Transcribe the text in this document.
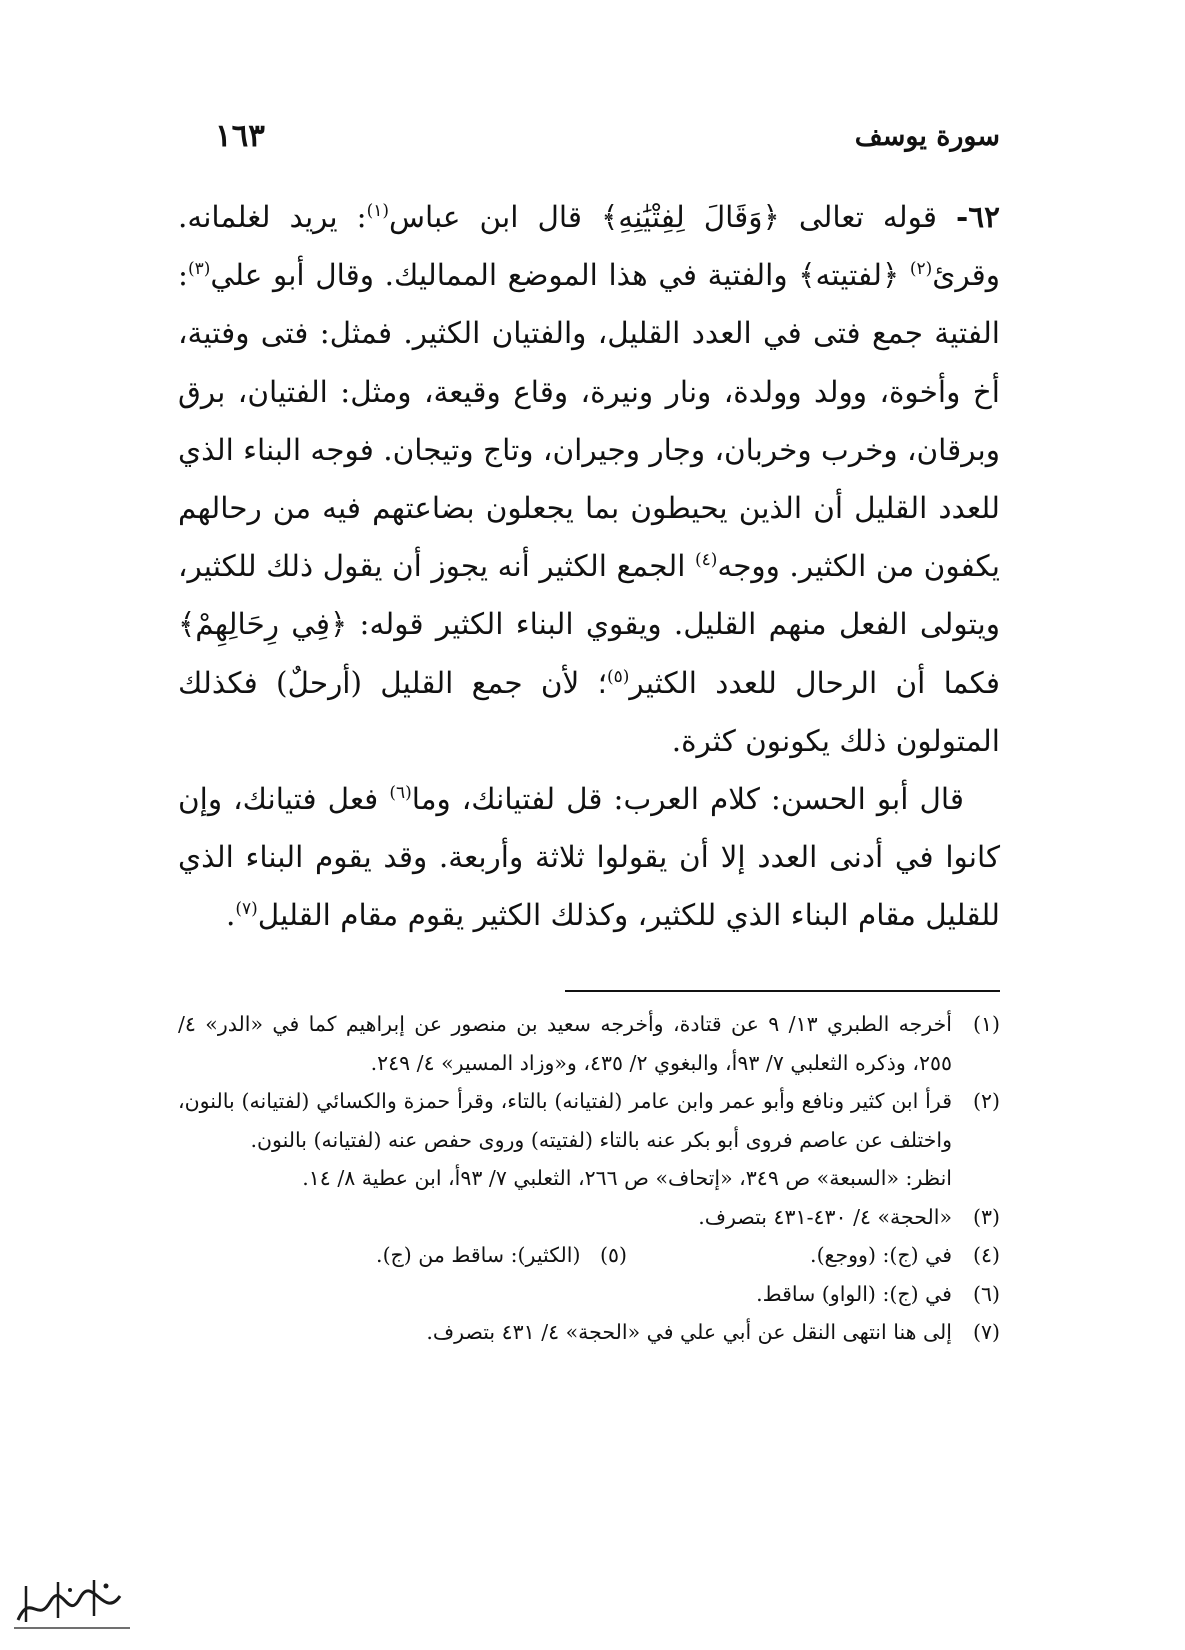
سورة يوسف
١٦٣

٦٢- قوله تعالى ﴿وَقَالَ لِفِتْيَٰنِهِ﴾ قال ابن عباس$^{(١)}$: يريد لغلمانه. وقرئ$^{(٢)}$ ﴿لفتيته﴾ والفتية في هذا الموضع المماليك. وقال أبو علي$^{(٣)}$: الفتية جمع فتى في العدد القليل، والفتيان الكثير. فمثل: فتى وفتية، أخ وأخوة، وولد وولدة، ونار ونيرة، وقاع وقيعة، ومثل: الفتيان، برق وبرقان، وخرب وخربان، وجار وجيران، وتاج وتيجان. فوجه البناء الذي للعدد القليل أن الذين يحيطون بما يجعلون بضاعتهم فيه من رحالهم يكفون من الكثير. ووجه$^{(٤)}$ الجمع الكثير أنه يجوز أن يقول ذلك للكثير، ويتولى الفعل منهم القليل. ويقوي البناء الكثير قوله: ﴿فِي رِحَالِهِمْ﴾ فكما أن الرحال للعدد الكثير$^{(٥)}$؛ لأن جمع القليل (أرحلٌ) فكذلك المتولون ذلك يكونون كثرة.

قال أبو الحسن: كلام العرب: قل لفتيانك، وما$^{(٦)}$ فعل فتيانك، وإن كانوا في أدنى العدد إلا أن يقولوا ثلاثة وأربعة. وقد يقوم البناء الذي للقليل مقام البناء الذي للكثير، وكذلك الكثير يقوم مقام القليل$^{(٧)}$.

(١)
أخرجه الطبري ١٣/ ٩ عن قتادة، وأخرجه سعيد بن منصور عن إبراهيم كما في «الدر» ٤/ ٢٥٥، وذكره الثعلبي ٧/ ٩٣أ، والبغوي ٢/ ٤٣٥، و«وزاد المسير» ٤/ ٢٤٩.
(٢)

قرأ ابن كثير ونافع وأبو عمر وابن عامر (لفتيانه) بالتاء، وقرأ حمزة والكسائي (لفتيانه) بالنون، واختلف عن عاصم فروى أبو بكر عنه بالتاء (لفتيته) وروى حفص عنه (لفتيانه) بالنون.

انظر: «السبعة» ص ٣٤٩، «إتحاف» ص ٢٦٦، الثعلبي ٧/ ٩٣أ، ابن عطية ٨/ ١٤.

(٣)
«الحجة» ٤/ ٤٣٠-٤٣١ بتصرف.
(٤)
في (ج): (ووجع).
(٥) (الكثير): ساقط من (ج).
(٦)
في (ج): (الواو) ساقط.
(٧)
إلى هنا انتهى النقل عن أبي علي في «الحجة» ٤/ ٤٣١ بتصرف.
